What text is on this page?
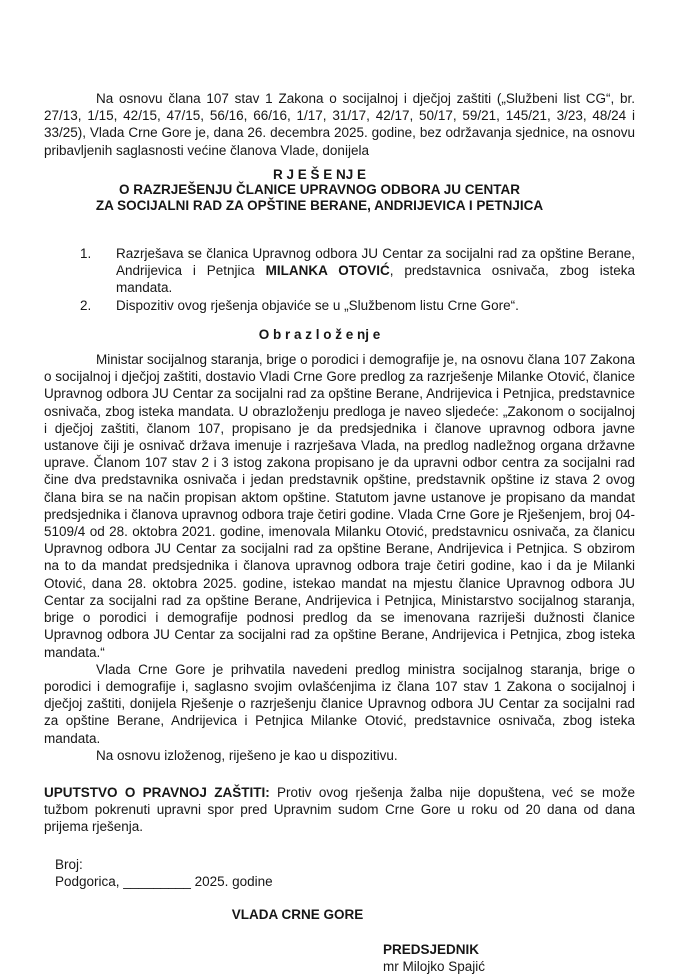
Na osnovu člana 107 stav 1 Zakona o socijalnoj i dječjoj zaštiti („Službeni list CG“, br. 27/13, 1/15, 42/15, 47/15, 56/16, 66/16, 1/17, 31/17, 42/17, 50/17, 59/21, 145/21, 3/23, 48/24 i 33/25), Vlada Crne Gore je, dana 26. decembra 2025. godine, bez održavanja sjednice, na osnovu pribavljenih saglasnosti većine članova Vlade, donijela

R J E Š E NJ E
O RAZRJEŠENJU ČLANICE UPRAVNOG ODBORA JU CENTAR
ZA SOCIJALNI RAD ZA OPŠTINE BERANE, ANDRIJEVICA I PETNJICA
1.	Razrješava se članica Upravnog odbora JU Centar za socijalni rad za opštine Berane, Andrijevica i Petnjica MILANKA OTOVIĆ, predstavnica osnivača, zbog isteka mandata.
2.	Dispozitiv ovog rješenja objaviće se u „Službenom listu Crne Gore“.
O b r a z l o ž e nj e

Ministar socijalnog staranja, brige o porodici i demografije je, na osnovu člana 107 Zakona o socijalnoj i dječjoj zaštiti, dostavio Vladi Crne Gore predlog za razrješenje Milanke Otović, članice Upravnog odbora JU Centar za socijalni rad za opštine Berane, Andrijevica i Petnjica, predstavnice osnivača, zbog isteka mandata. U obrazloženju predloga je naveo sljedeće: „Zakonom o socijalnoj i dječjoj zaštiti, članom 107, propisano je da predsjednika i članove upravnog odbora javne ustanove čiji je osnivač država imenuje i razrješava Vlada, na predlog nadležnog organa državne uprave. Članom 107 stav 2 i 3 istog zakona propisano je da upravni odbor centra za socijalni rad čine dva predstavnika osnivača i jedan predstavnik opštine, predstavnik opštine iz stava 2 ovog člana bira se na način propisan aktom opštine. Statutom javne ustanove je propisano da mandat predsjednika i članova upravnog odbora traje četiri godine. Vlada Crne Gore je Rješenjem, broj 04-5109/4 od 28. oktobra 2021. godine, imenovala Milanku Otović, predstavnicu osnivača, za članicu Upravnog odbora JU Centar za socijalni rad za opštine Berane, Andrijevica i Petnjica. S obzirom na to da mandat predsjednika i članova upravnog odbora traje četiri godine, kao i da je Milanki Otović, dana 28. oktobra 2025. godine, istekao mandat na mjestu članice Upravnog odbora JU Centar za socijalni rad za opštine Berane, Andrijevica i Petnjica, Ministarstvo socijalnog staranja, brige o porodici i demografije podnosi predlog da se imenovana razriješi dužnosti članice Upravnog odbora JU Centar za socijalni rad za opštine Berane, Andrijevica i Petnjica, zbog isteka mandata.“

Vlada Crne Gore je prihvatila navedeni predlog ministra socijalnog staranja, brige o porodici i demografije i, saglasno svojim ovlašćenjima iz člana 107 stav 1 Zakona o socijalnoj i dječjoj zaštiti, donijela Rješenje o razrješenju članice Upravnog odbora JU Centar za socijalni rad za opštine Berane, Andrijevica i Petnjica Milanke Otović, predstavnice osnivača, zbog isteka mandata.

Na osnovu izloženog, riješeno je kao u dispozitivu.

UPUTSTVO O PRAVNOJ ZAŠTITI: Protiv ovog rješenja žalba nije dopuštena, već se može tužbom pokrenuti upravni spor pred Upravnim sudom Crne Gore u roku od 20 dana od dana prijema rješenja.

Broj:
Podgorica, _________ 2025. godine
VLADA CRNE GORE
PREDSJEDNIK
mr Milojko Spajić
